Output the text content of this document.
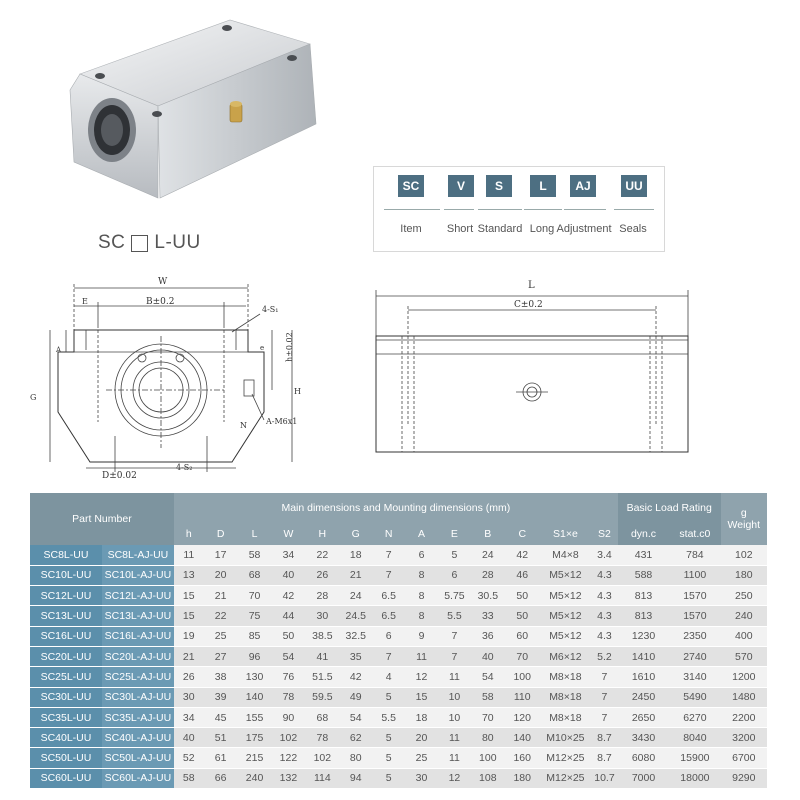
SC L-UU
SC	V	S	L	AJ	UU
Item Short Standard Long Adjustment Seals
W
E	B±0.2
4-S₁
G
A	h±0.02
e
H
N A-M6x1
D±0.02
4-S₂
L
C±0.2
Part Number		Main dimensions and Mounting dimensions (mm)													Basic Load Rating		g
Weight

		h	D	L	W	H	G	N	A	E	B	C	S1×e	S2	dyn.c	stat.c0	
SC8L-UU	SC8L-AJ-UU	11	17	58	34	22	18	7	6	5	24	42	M4×8	3.4	431	784	102
SC10L-UU	SC10L-AJ-UU	13	20	68	40	26	21	7	8	6	28	46	M5×12	4.3	588	1100	180
SC12L-UU	SC12L-AJ-UU	15	21	70	42	28	24	6.5	8	5.75	30.5	50	M5×12	4.3	813	1570	250
SC13L-UU	SC13L-AJ-UU	15	22	75	44	30	24.5	6.5	8	5.5	33	50	M5×12	4.3	813	1570	240
SC16L-UU	SC16L-AJ-UU	19	25	85	50	38.5	32.5	6	9	7	36	60	M5×12	4.3	1230	2350	400
SC20L-UU	SC20L-AJ-UU	21	27	96	54	41	35	7	11	7	40	70	M6×12	5.2	1410	2740	570
SC25L-UU	SC25L-AJ-UU	26	38	130	76	51.5	42	4	12	11	54	100	M8×18	7	1610	3140	1200
SC30L-UU	SC30L-AJ-UU	30	39	140	78	59.5	49	5	15	10	58	110	M8×18	7	2450	5490	1480
SC35L-UU	SC35L-AJ-UU	34	45	155	90	68	54	5.5	18	10	70	120	M8×18	7	2650	6270	2200
SC40L-UU	SC40L-AJ-UU	40	51	175	102	78	62	5	20	11	80	140	M10×25	8.7	3430	8040	3200
SC50L-UU	SC50L-AJ-UU	52	61	215	122	102	80	5	25	11	100	160	M12×25	8.7	6080	15900	6700
SC60L-UU	SC60L-AJ-UU	58	66	240	132	114	94	5	30	12	108	180	M12×25	10.7	7000	18000	9290
